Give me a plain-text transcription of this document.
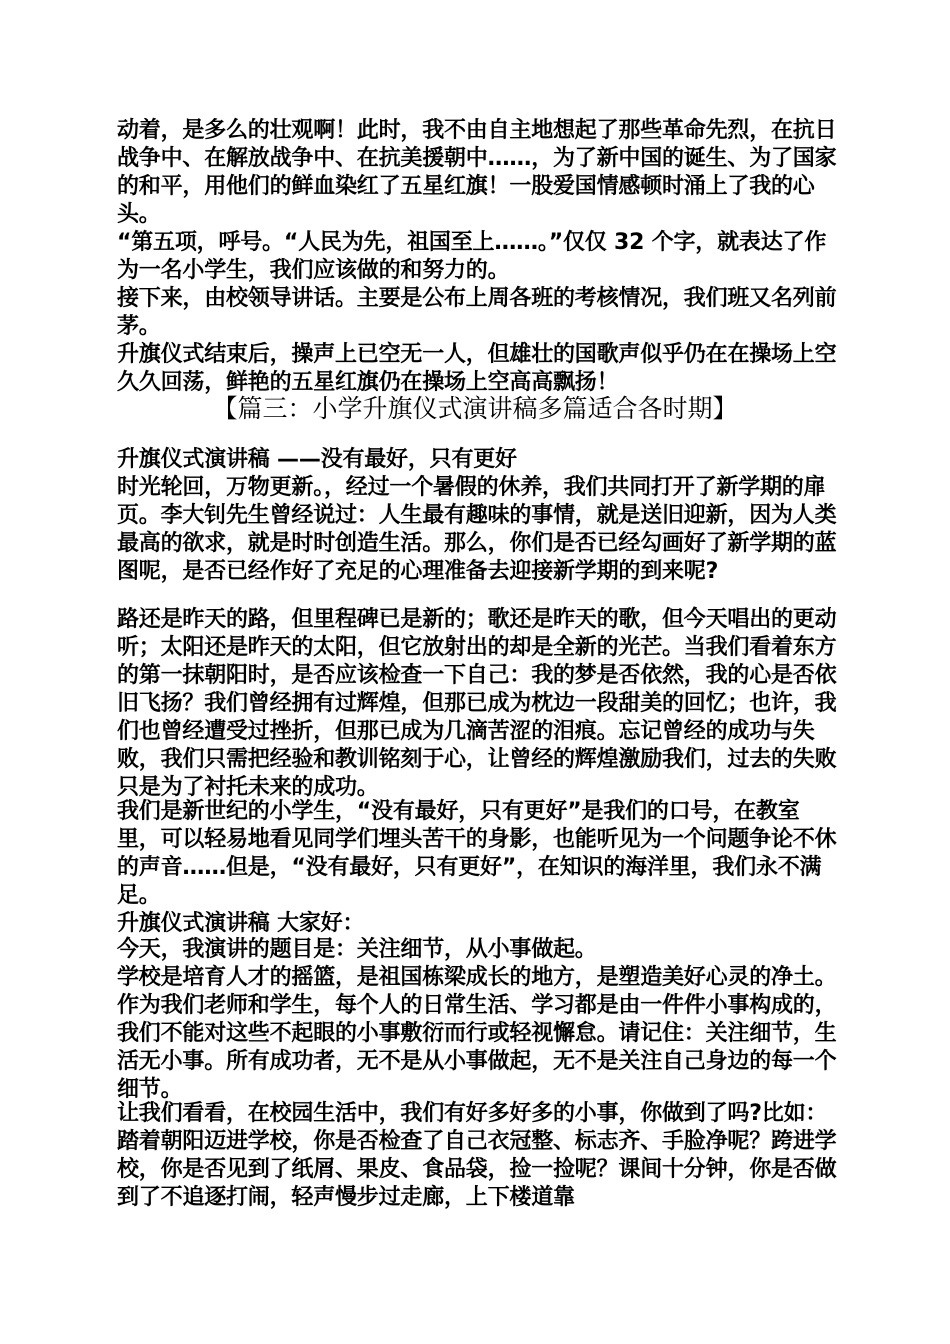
动着，是多么的壮观啊！此时，我不由自主地想起了那些革命先烈，在抗日战争中、在解放战争中、在抗美援朝中……，为了新中国的诞生、为了国家的和平，用他们的鲜血染红了五星红旗！一股爱国情感顿时涌上了我的心头。
“第五项，呼号。“人民为先，祖国至上……。”仅仅 32 个字，就表达了作为一名小学生，我们应该做的和努力的。
接下来，由校领导讲话。主要是公布上周各班的考核情况，我们班又名列前茅。
升旗仪式结束后，操声上已空无一人，但雄壮的国歌声似乎仍在在操场上空久久回荡，鲜艳的五星红旗仍在操场上空高高飘扬！
【篇三：小学升旗仪式演讲稿多篇适合各时期】
升旗仪式演讲稿 ——没有最好，只有更好
时光轮回，万物更新。，经过一个暑假的休养，我们共同打开了新学期的扉页。李大钊先生曾经说过：人生最有趣味的事情，就是送旧迎新，因为人类最高的欲求，就是时时创造生活。那么，你们是否已经勾画好了新学期的蓝图呢，是否已经作好了充足的心理准备去迎接新学期的到来呢?
路还是昨天的路，但里程碑已是新的；歌还是昨天的歌，但今天唱出的更动听；太阳还是昨天的太阳，但它放射出的却是全新的光芒。当我们看着东方的第一抹朝阳时，是否应该检查一下自己：我的梦是否依然，我的心是否依旧飞扬？我们曾经拥有过辉煌，但那已成为枕边一段甜美的回忆；也许，我们也曾经遭受过挫折，但那已成为几滴苦涩的泪痕。忘记曾经的成功与失败，我们只需把经验和教训铭刻于心，让曾经的辉煌激励我们，过去的失败只是为了衬托未来的成功。
我们是新世纪的小学生，“没有最好，只有更好”是我们的口号，在教室里，可以轻易地看见同学们埋头苦干的身影，也能听见为一个问题争论不休的声音……但是，“没有最好，只有更好”，在知识的海洋里，我们永不满足。
升旗仪式演讲稿 大家好：
今天，我演讲的题目是：关注细节，从小事做起。
学校是培育人才的摇篮，是祖国栋梁成长的地方，是塑造美好心灵的净土。作为我们老师和学生，每个人的日常生活、学习都是由一件件小事构成的，我们不能对这些不起眼的小事敷衍而行或轻视懈怠。请记住：关注细节，生活无小事。所有成功者，无不是从小事做起，无不是关注自己身边的每一个细节。
让我们看看，在校园生活中，我们有好多好多的小事，你做到了吗?比如：踏着朝阳迈进学校，你是否检查了自己衣冠整、标志齐、手脸净呢？跨进学校，你是否见到了纸屑、果皮、食品袋，捡一捡呢？课间十分钟，你是否做到了不追逐打闹，轻声慢步过走廊，上下楼道靠
